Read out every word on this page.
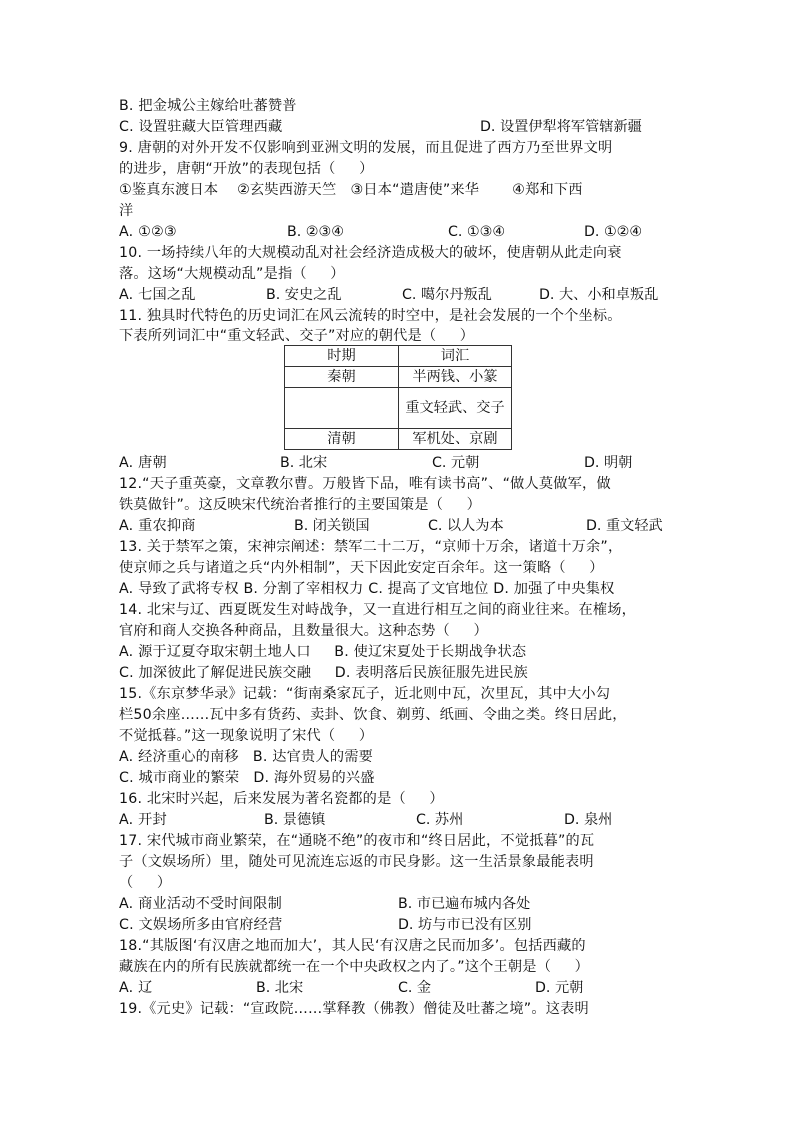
B. 把金城公主嫁给吐蕃赞普
C. 设置驻藏大臣管理西藏	D. 设置伊犁将军管辖新疆
9. 唐朝的对外开发不仅影响到亚洲文明的发展，而且促进了西方乃至世界文明
的进步，唐朝“开放”的表现包括（     ）
①鉴真东渡日本    ②玄奘西游天竺   ③日本“遣唐使”来华       ④郑和下西
洋
A. ①②③	B. ②③④	C. ①③④	D. ①②④
10. 一场持续八年的大规模动乱对社会经济造成极大的破坏，使唐朝从此走向衰
落。这场“大规模动乱”是指（     ）
A. 七国之乱	B. 安史之乱	C. 噶尔丹叛乱	D. 大、小和卓叛乱
11. 独具时代特色的历史词汇在风云流转的时空中，是社会发展的一个个坐标。
下表所列词汇中“重文轻武、交子”对应的朝代是（     ）
时期	词汇
秦朝	半两钱、小篆
	重文轻武、交子
清朝	军机处、京剧
A. 唐朝	B. 北宋	C. 元朝	D. 明朝
12.“天子重英豪，文章教尔曹。万般皆下品，唯有读书高”、“做人莫做军，做
铁莫做针”。这反映宋代统治者推行的主要国策是（     ）
A. 重农抑商	B. 闭关锁国	C. 以人为本	D. 重文轻武
13. 关于禁军之策，宋神宗阐述：禁军二十二万，“京师十万余，诸道十万余”，
使京师之兵与诸道之兵“内外相制”，天下因此安定百余年。这一策略（     ）
A. 导致了武将专权 B. 分割了宰相权力 C. 提高了文官地位 D. 加强了中央集权
14. 北宋与辽、西夏既发生对峙战争，又一直进行相互之间的商业往来。在榷场，
官府和商人交换各种商品，且数量很大。这种态势（     ）
A. 源于辽夏夺取宋朝土地人口     B. 使辽宋夏处于长期战争状态
C. 加深彼此了解促进民族交融     D. 表明落后民族征服先进民族
15.《东京梦华录》记载：“街南桑家瓦子，近北则中瓦，次里瓦，其中大小勾
栏50余座……瓦中多有货药、卖卦、饮食、剃剪、纸画、令曲之类。终日居此，
不觉抵暮。”这一现象说明了宋代（     ）
A. 经济重心的南移   B. 达官贵人的需要
C. 城市商业的繁荣   D. 海外贸易的兴盛
16. 北宋时兴起，后来发展为著名瓷都的是（     ）
A. 开封	B. 景德镇	C. 苏州	D. 泉州
17. 宋代城市商业繁荣，在“通晓不绝”的夜市和“终日居此，不觉抵暮”的瓦
子（文娱场所）里，随处可见流连忘返的市民身影。这一生活景象最能表明
（     ）
A. 商业活动不受时间限制	B. 市已遍布城内各处
C. 文娱场所多由官府经营	D. 坊与市已没有区别
18.“其版图‘有汉唐之地而加大’，其人民‘有汉唐之民而加多’。包括西藏的
藏族在内的所有民族就都统一在一个中央政权之内了。”这个王朝是（     ）
A. 辽	B. 北宋	C. 金	D. 元朝
19.《元史》记载：“宣政院……掌释教（佛教）僧徒及吐蕃之境”。这表明
